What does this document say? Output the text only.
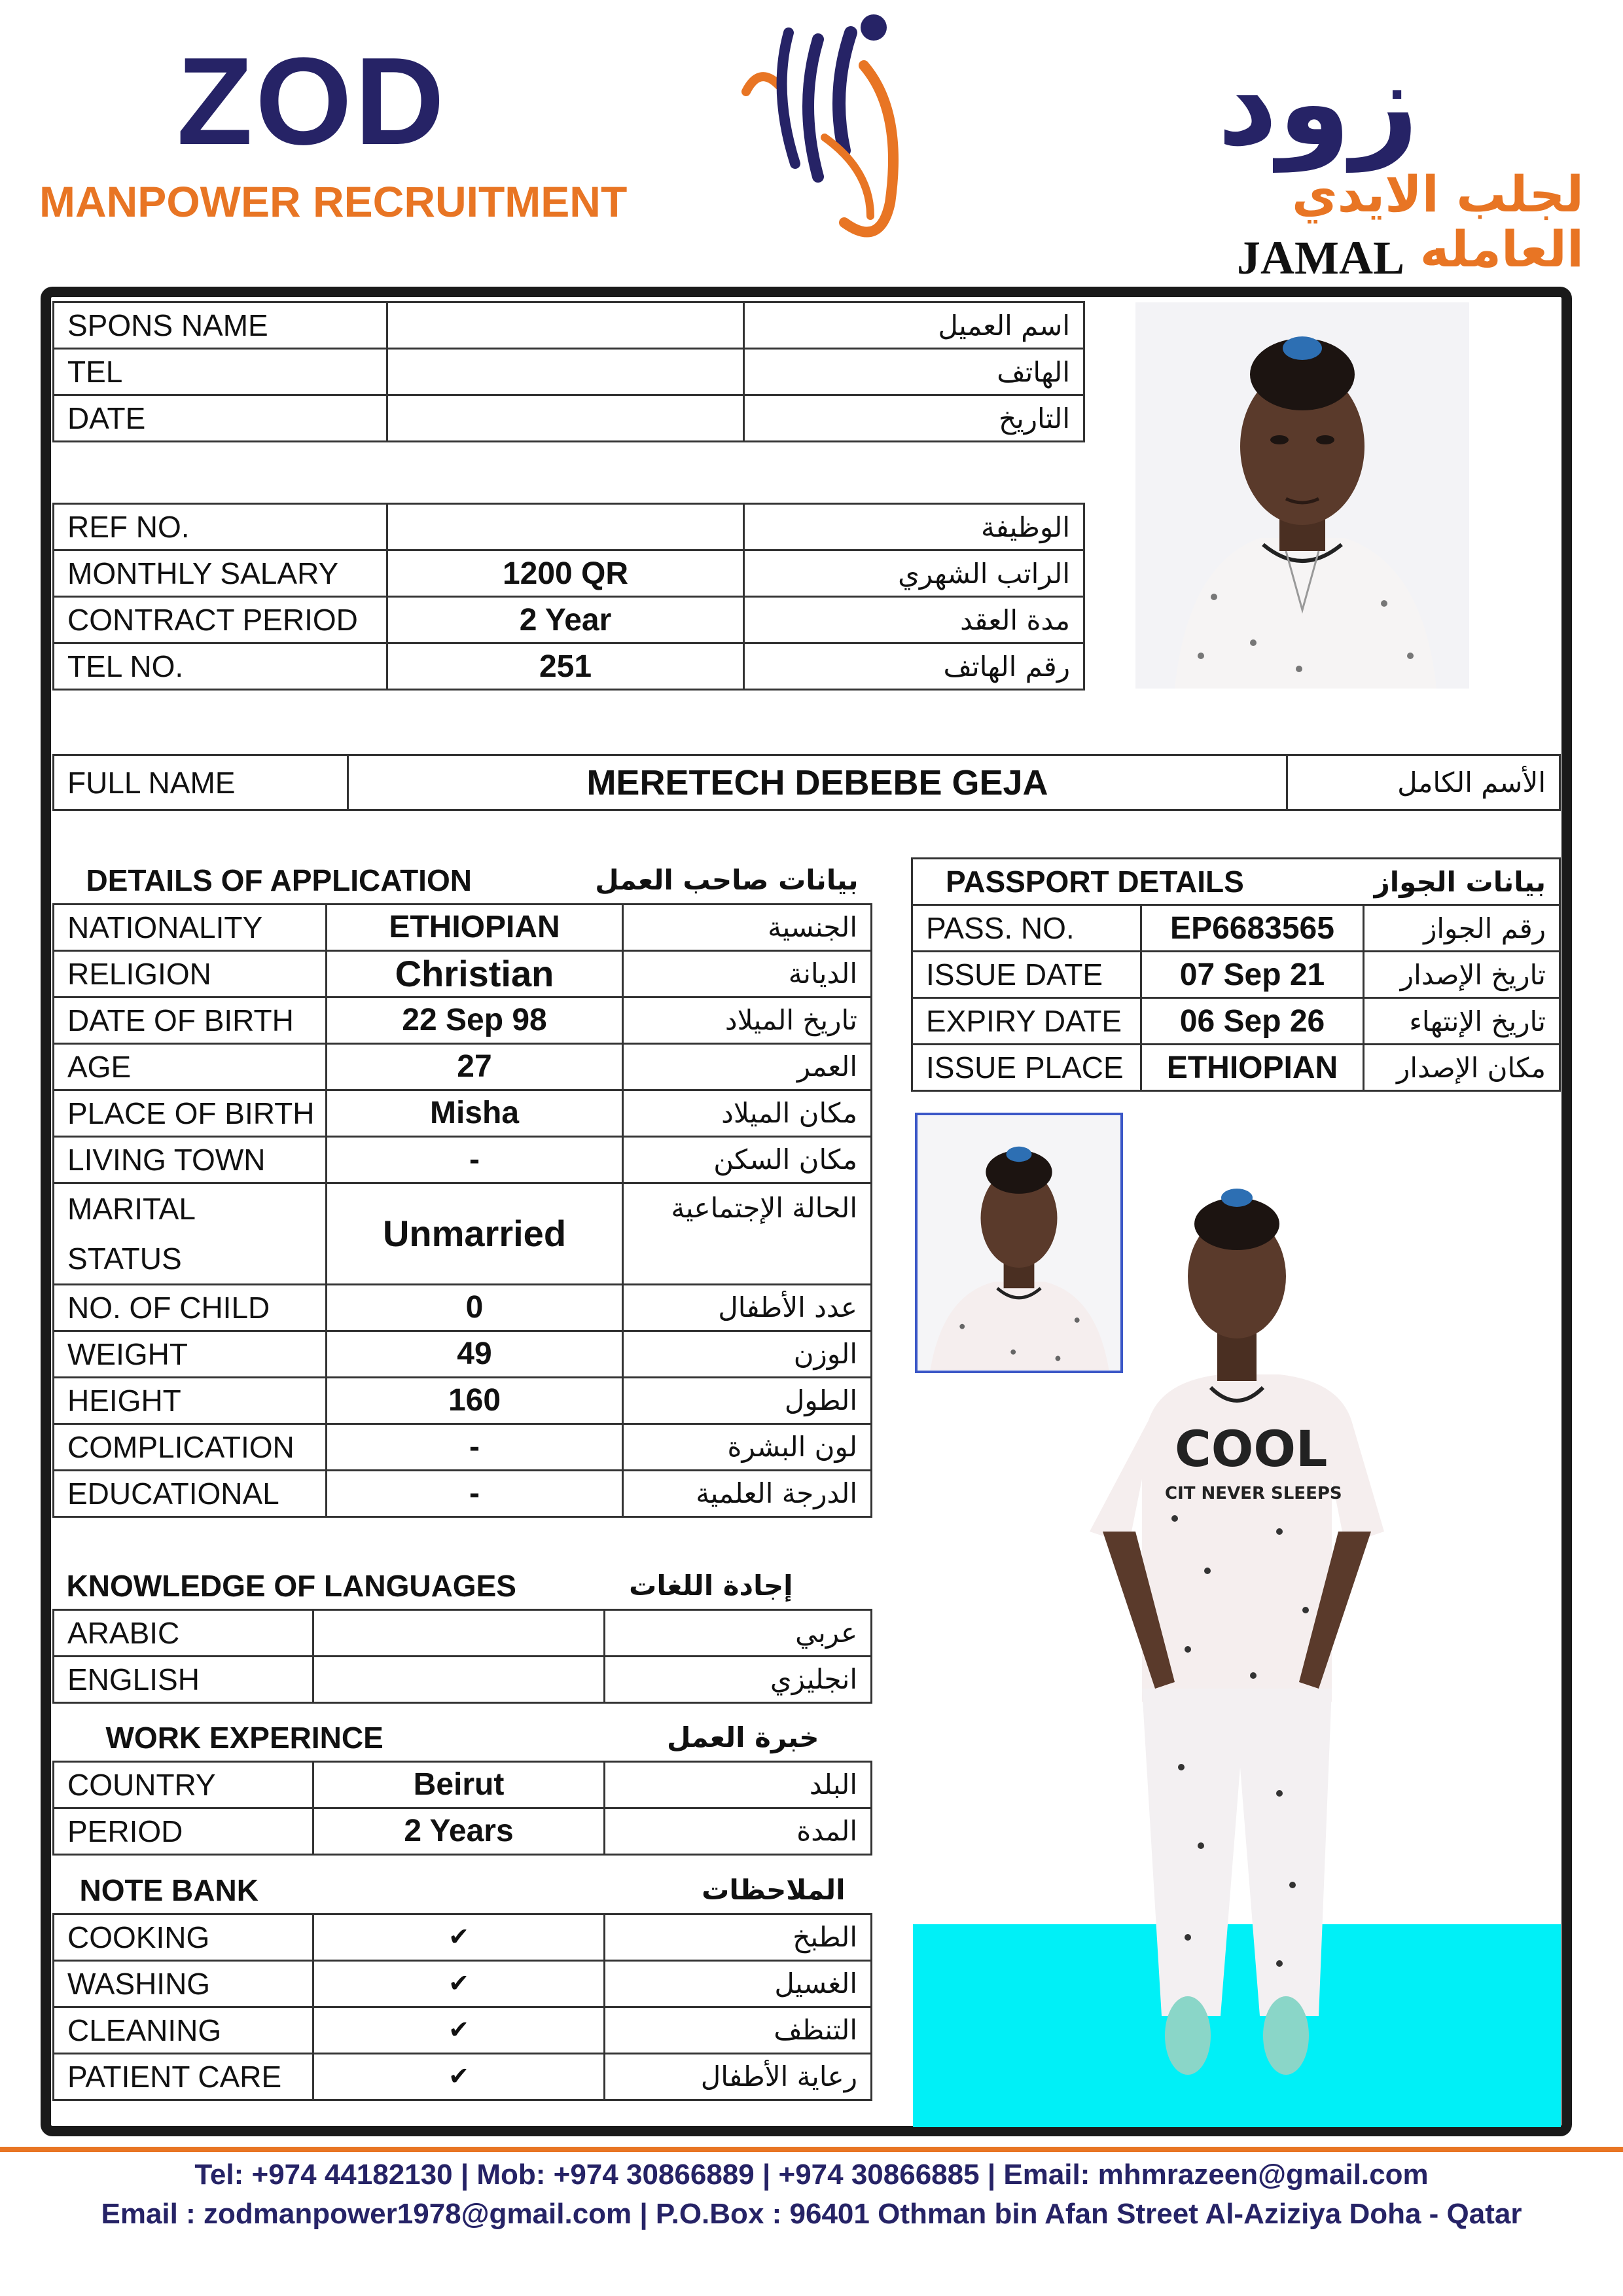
ZOD
MANPOWER RECRUITMENT
زود
لجلب الايدي العامله
JAMAL
SPONS NAME		اسم العميل
TEL		الهاتف
DATE		التاريخ
REF NO.		الوظيفة
MONTHLY SALARY	1200 QR	الراتب الشهري
CONTRACT PERIOD	2 Year	مدة العقد
TEL NO.	251	رقم الهاتف
FULL NAME	MERETECH DEBEBE GEJA	الأسم الكامل
DETAILS OF APPLICATION		بيانات صاحب العمل
NATIONALITY	ETHIOPIAN	الجنسية
RELIGION	Christian	الديانة
DATE OF BIRTH	22 Sep 98	تاريخ الميلاد
AGE	27	العمر
PLACE OF BIRTH	Misha	مكان الميلاد
LIVING TOWN	-	مكان السكن
MARITAL
STATUS	Unmarried	الحالة الإجتماعية
NO. OF CHILD	0	عدد الأطفال
WEIGHT	49	الوزن
HEIGHT	160	الطول
COMPLICATION	-	لون البشرة
EDUCATIONAL	-	الدرجة العلمية
KNOWLEDGE OF LANGUAGES		إجادة اللغات
ARABIC		عربي
ENGLISH		انجليزي
WORK EXPERINCE		خبرة العمل
COUNTRY	Beirut	البلد
PERIOD	2 Years	المدة
NOTE BANK		الملاحظات
COOKING	✔	الطبخ
WASHING	✔	الغسيل
CLEANING	✔	التنظف
PATIENT CARE	✔	رعاية الأطفال
PASSPORT DETAILS		بيانات الجواز
PASS. NO.	EP6683565	رقم الجواز
ISSUE DATE	07 Sep 21	تاريخ الإصدار
EXPIRY DATE	06 Sep 26	تاريخ الإنتهاء
ISSUE PLACE	ETHIOPIAN	مكان الإصدار
COOL
CIT NEVER SLEEPS
Tel: +974 44182130 | Mob: +974 30866889 | +974 30866885 | Email: mhmrazeen@gmail.com
Email : zodmanpower1978@gmail.com | P.O.Box : 96401 Othman bin Afan Street Al-Aziziya Doha - Qatar
